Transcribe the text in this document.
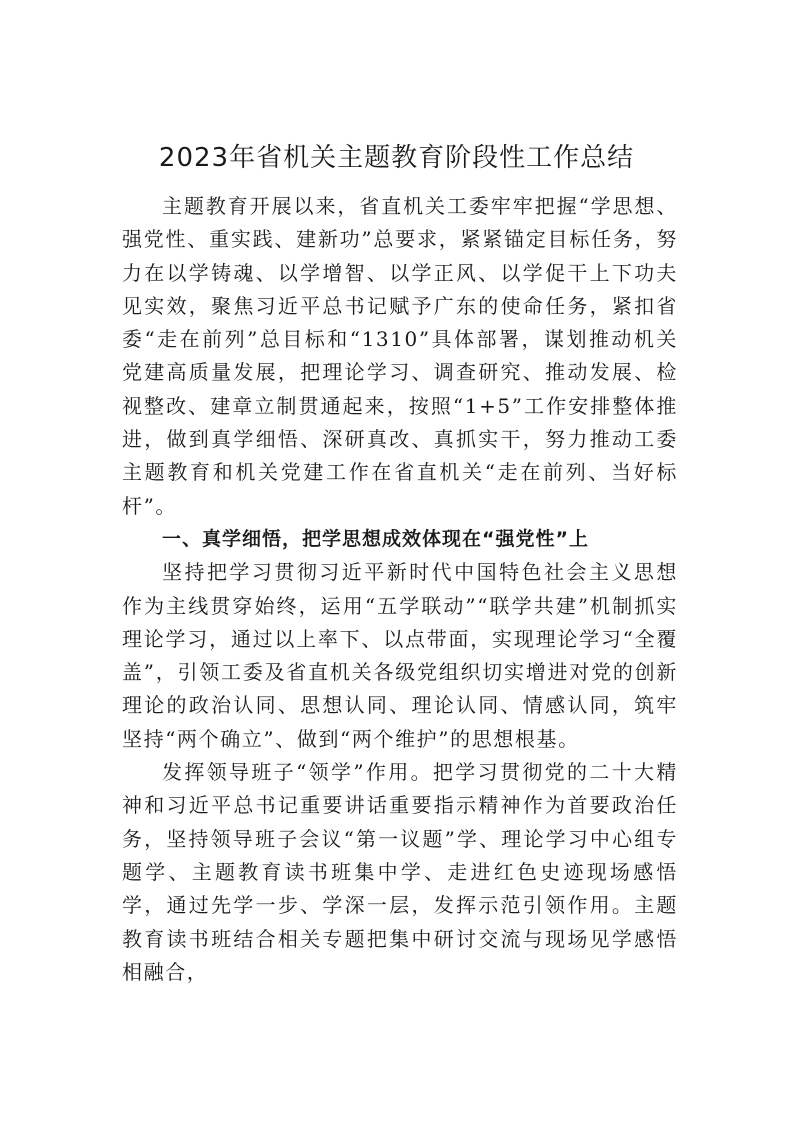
2023年省机关主题教育阶段性工作总结

主题教育开展以来，省直机关工委牢牢把握“学思想、强党性、重实践、建新功”总要求，紧紧锚定目标任务，努力在以学铸魂、以学增智、以学正风、以学促干上下功夫见实效，聚焦习近平总书记赋予广东的使命任务，紧扣省委“走在前列”总目标和“1310”具体部署，谋划推动机关党建高质量发展，把理论学习、调查研究、推动发展、检视整改、建章立制贯通起来，按照“1+5”工作安排整体推进，做到真学细悟、深研真改、真抓实干，努力推动工委主题教育和机关党建工作在省直机关“走在前列、当好标杆”。

一、真学细悟，把学思想成效体现在“强党性”上

坚持把学习贯彻习近平新时代中国特色社会主义思想作为主线贯穿始终，运用“五学联动”“联学共建”机制抓实理论学习，通过以上率下、以点带面，实现理论学习“全覆盖”，引领工委及省直机关各级党组织切实增进对党的创新理论的政治认同、思想认同、理论认同、情感认同，筑牢坚持“两个确立”、做到“两个维护”的思想根基。

发挥领导班子“领学”作用。把学习贯彻党的二十大精神和习近平总书记重要讲话重要指示精神作为首要政治任务，坚持领导班子会议“第一议题”学、理论学习中心组专题学、主题教育读书班集中学、走进红色史迹现场感悟学，通过先学一步、学深一层，发挥示范引领作用。主题教育读书班结合相关专题把集中研讨交流与现场见学感悟相融合，
